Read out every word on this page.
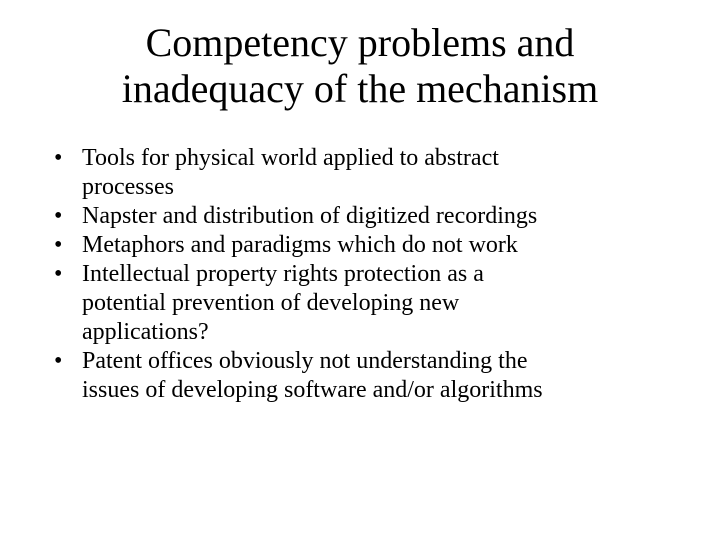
Competency problems and
inadequacy of the mechanism
• Tools for physical world applied to abstract
processes
• Napster and distribution of digitized recordings
• Metaphors and paradigms which do not work
• Intellectual property rights protection as a
potential prevention of developing new
applications?
• Patent offices obviously not understanding the
issues of developing software and/or algorithms
